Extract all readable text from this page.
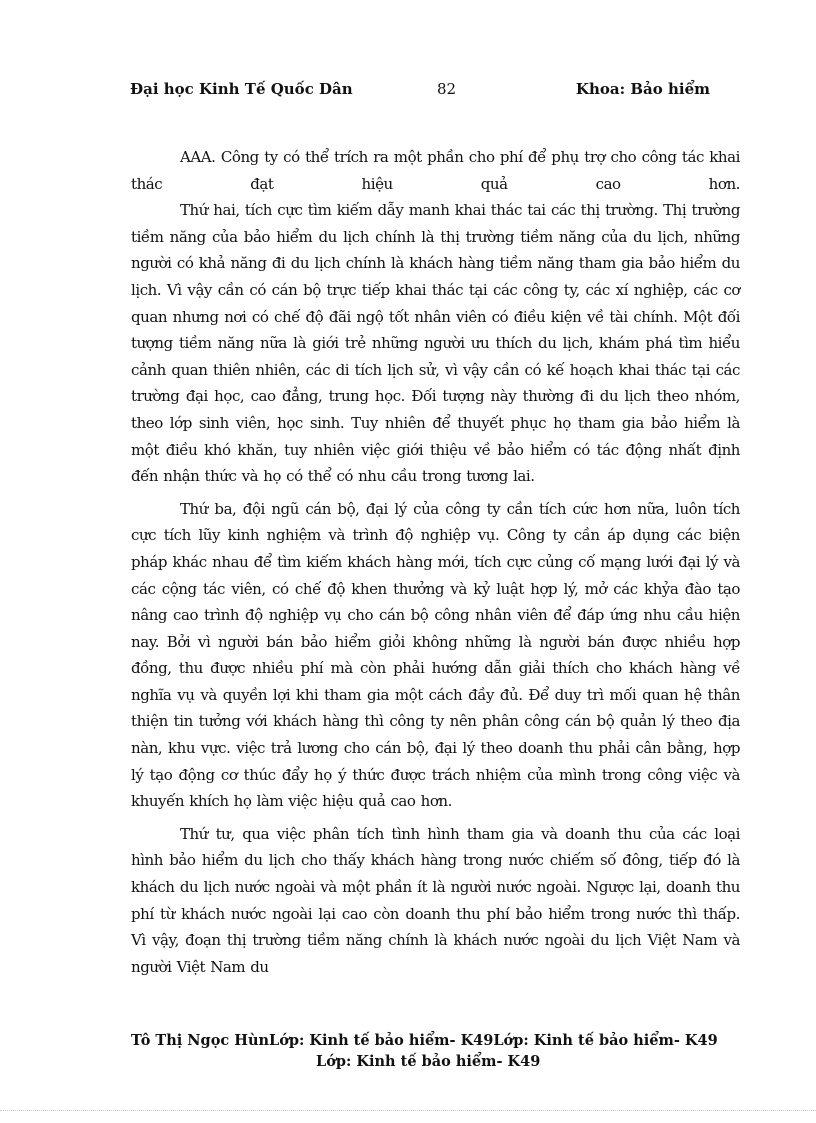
Đại học Kinh Tế Quốc Dân	82	Khoa: Bảo hiểm

AAA. Công ty có thể trích ra một phần cho phí để phụ trợ cho công tác khai thác đạt hiệu quả cao hơn.

Thứ hai, tích cực tìm kiếm dẫy manh khai thác tai các thị trường. Thị trường tiềm năng của bảo hiểm du lịch chính là thị trường tiềm năng của du lịch, những người có khả năng đi du lịch chính là khách hàng tiềm năng tham gia bảo hiểm du lịch. Vì vậy cần có cán bộ trực tiếp khai thác tại các công ty, các xí nghiệp, các cơ quan nhưng nơi có chế độ đãi ngộ tốt nhân viên có điều kiện về tài chính. Một đối tượng tiềm năng nữa là giới trẻ những người ưu thích du lịch, khám phá tìm hiểu cảnh quan thiên nhiên, các di tích lịch sử, vì vậy cần có kế hoạch khai thác tại các trường đại học, cao đẳng, trung học. Đối tượng này thường đi du lịch theo nhóm, theo lớp sinh viên, học sinh. Tuy nhiên để thuyết phục họ tham gia bảo hiểm là một điều khó khăn, tuy nhiên việc giới thiệu về bảo hiểm có tác động nhất định đến nhận thức và họ có thể có nhu cầu trong tương lai.

Thứ ba, đội ngũ cán bộ, đại lý của công ty cần tích cức hơn nữa, luôn tích cực tích lũy kinh nghiệm và trình độ nghiệp vụ. Công ty cần áp dụng các biện pháp khác nhau để tìm kiếm khách hàng mới, tích cực củng cố mạng lưới đại lý và các cộng tác viên, có chế độ khen thưởng và kỷ luật hợp lý, mở các khỷa đào tạo nâng cao trình độ nghiệp vụ cho cán bộ công nhân viên để đáp ứng nhu cầu hiện nay. Bởi vì người bán bảo hiểm giỏi không những là người bán được nhiều hợp đồng, thu được nhiều phí mà còn phải hướng dẫn giải thích cho khách hàng về nghĩa vụ và quyền lợi khi tham gia một cách đầy đủ. Để duy trì mối quan hệ thân thiện tin tưởng với khách hàng thì công ty nên phân công cán bộ quản lý theo địa nàn, khu vực. việc trả lương cho cán bộ, đại lý theo doanh thu phải cân bằng, hợp lý tạo động cơ thúc đẩy họ ý thức được trách nhiệm của mình trong công việc và khuyến khích họ làm việc hiệu quả cao hơn.

Thứ tư, qua việc phân tích tình hình tham gia và doanh thu của các loại hình bảo hiểm du lịch cho thấy khách hàng trong nước chiếm số đông, tiếp đó là khách du lịch nước ngoài và một phần ít là người nước ngoài. Ngược lại, doanh thu phí từ khách nước ngoài lại cao còn doanh thu phí bảo hiểm trong nước thì thấp. Vì vậy, đoạn thị trường tiềm năng chính là khách nước ngoài du lịch Việt Nam và người Việt Nam du

Tô Thị Ngọc HùnLớp: Kinh tế bảo hiểm- K49Lớp: Kinh tế bảo hiểm- K49
Lớp: Kinh tế bảo hiểm- K49
